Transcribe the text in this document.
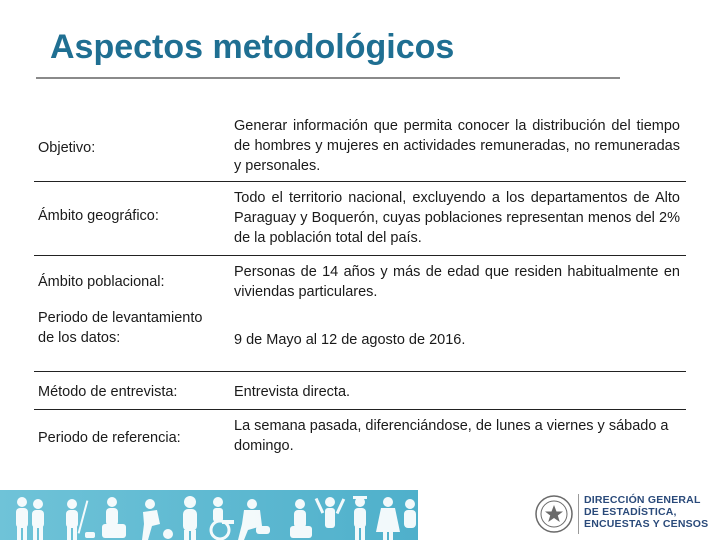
Aspectos metodológicos
Objetivo:
Generar información que permita conocer la distribución del tiempo de hombres y mujeres en actividades remuneradas, no remuneradas y personales.
Ámbito geográfico:
Todo el territorio nacional, excluyendo a los departamentos de Alto Paraguay y Boquerón, cuyas poblaciones representan menos del 2% de la población total del país.
Ámbito poblacional:
Personas de 14 años y más de edad que residen habitualmente en viviendas particulares.
Periodo de levantamiento de los datos:	9 de Mayo al 12 de agosto de 2016.
Método de entrevista:	Entrevista directa.
Periodo de referencia:
La semana pasada, diferenciándose, de lunes a viernes y sábado a domingo.
DIRECCIÓN GENERAL
DE ESTADÍSTICA,
ENCUESTAS Y CENSOS
